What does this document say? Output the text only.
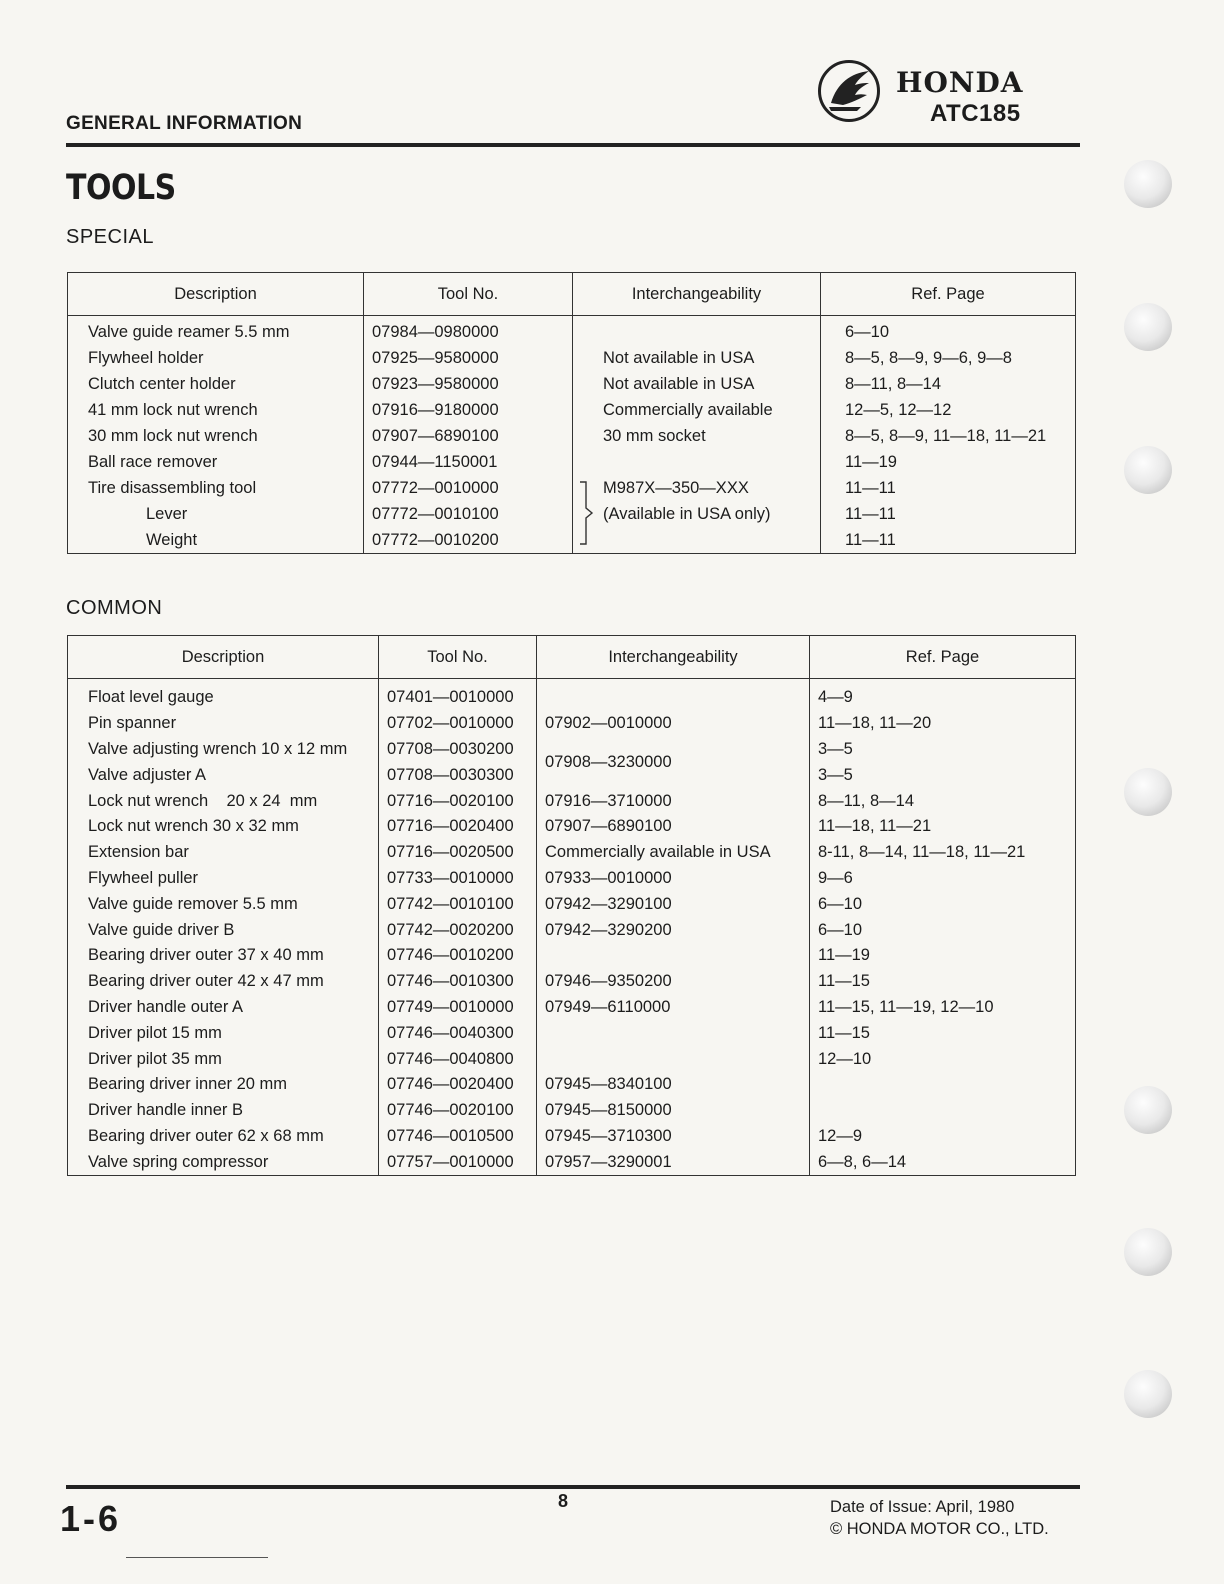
GENERAL INFORMATION
HONDA
ATC185
TOOLS
SPECIAL
Description	Tool No.	Interchangeability	Ref. Page
Valve guide reamer 5.5 mm	07984—0980000		6—10
Flywheel holder	07925—9580000	Not available in USA	8—5, 8—9, 9—6, 9—8
Clutch center holder	07923—9580000	Not available in USA	8—11, 8—14
41 mm lock nut wrench	07916—9180000	Commercially available	12—5, 12—12
30 mm lock nut wrench	07907—6890100	30 mm socket	8—5, 8—9, 11—18, 11—21
Ball race remover	07944—1150001		11—19
Tire disassembling tool	07772—0010000	M987X—350—XXX	11—11
Lever	07772—0010100	(Available in USA only)	11—11
Weight	07772—0010200		11—11
COMMON
Description	Tool No.	Interchangeability	Ref. Page
Float level gauge	07401—0010000		4—9
Pin spanner	07702—0010000	07902—0010000	11—18, 11—20
Valve adjusting wrench 10 x 12 mm	07708—0030200	07908—3230000	3—5
Valve adjuster A	07708—0030300		3—5
Lock nut wrench    20 x 24  mm	07716—0020100	07916—3710000	8—11, 8—14
Lock nut wrench 30 x 32 mm	07716—0020400	07907—6890100	11—18, 11—21
Extension bar	07716—0020500	Commercially available in USA	8-11, 8—14, 11—18, 11—21
Flywheel puller	07733—0010000	07933—0010000	9—6
Valve guide remover 5.5 mm	07742—0010100	07942—3290100	6—10
Valve guide driver B	07742—0020200	07942—3290200	6—10
Bearing driver outer 37 x 40 mm	07746—0010200		11—19
Bearing driver outer 42 x 47 mm	07746—0010300	07946—9350200	11—15
Driver handle outer A	07749—0010000	07949—6110000	11—15, 11—19, 12—10
Driver pilot 15 mm	07746—0040300		11—15
Driver pilot 35 mm	07746—0040800		12—10
Bearing driver inner 20 mm	07746—0020400	07945—8340100	
Driver handle inner B	07746—0020100	07945—8150000	
Bearing driver outer 62 x 68 mm	07746—0010500	07945—3710300	12—9
Valve spring compressor	07757—0010000	07957—3290001	6—8, 6—14
1-6	8	Date of Issue: April, 1980
© HONDA MOTOR CO., LTD.
